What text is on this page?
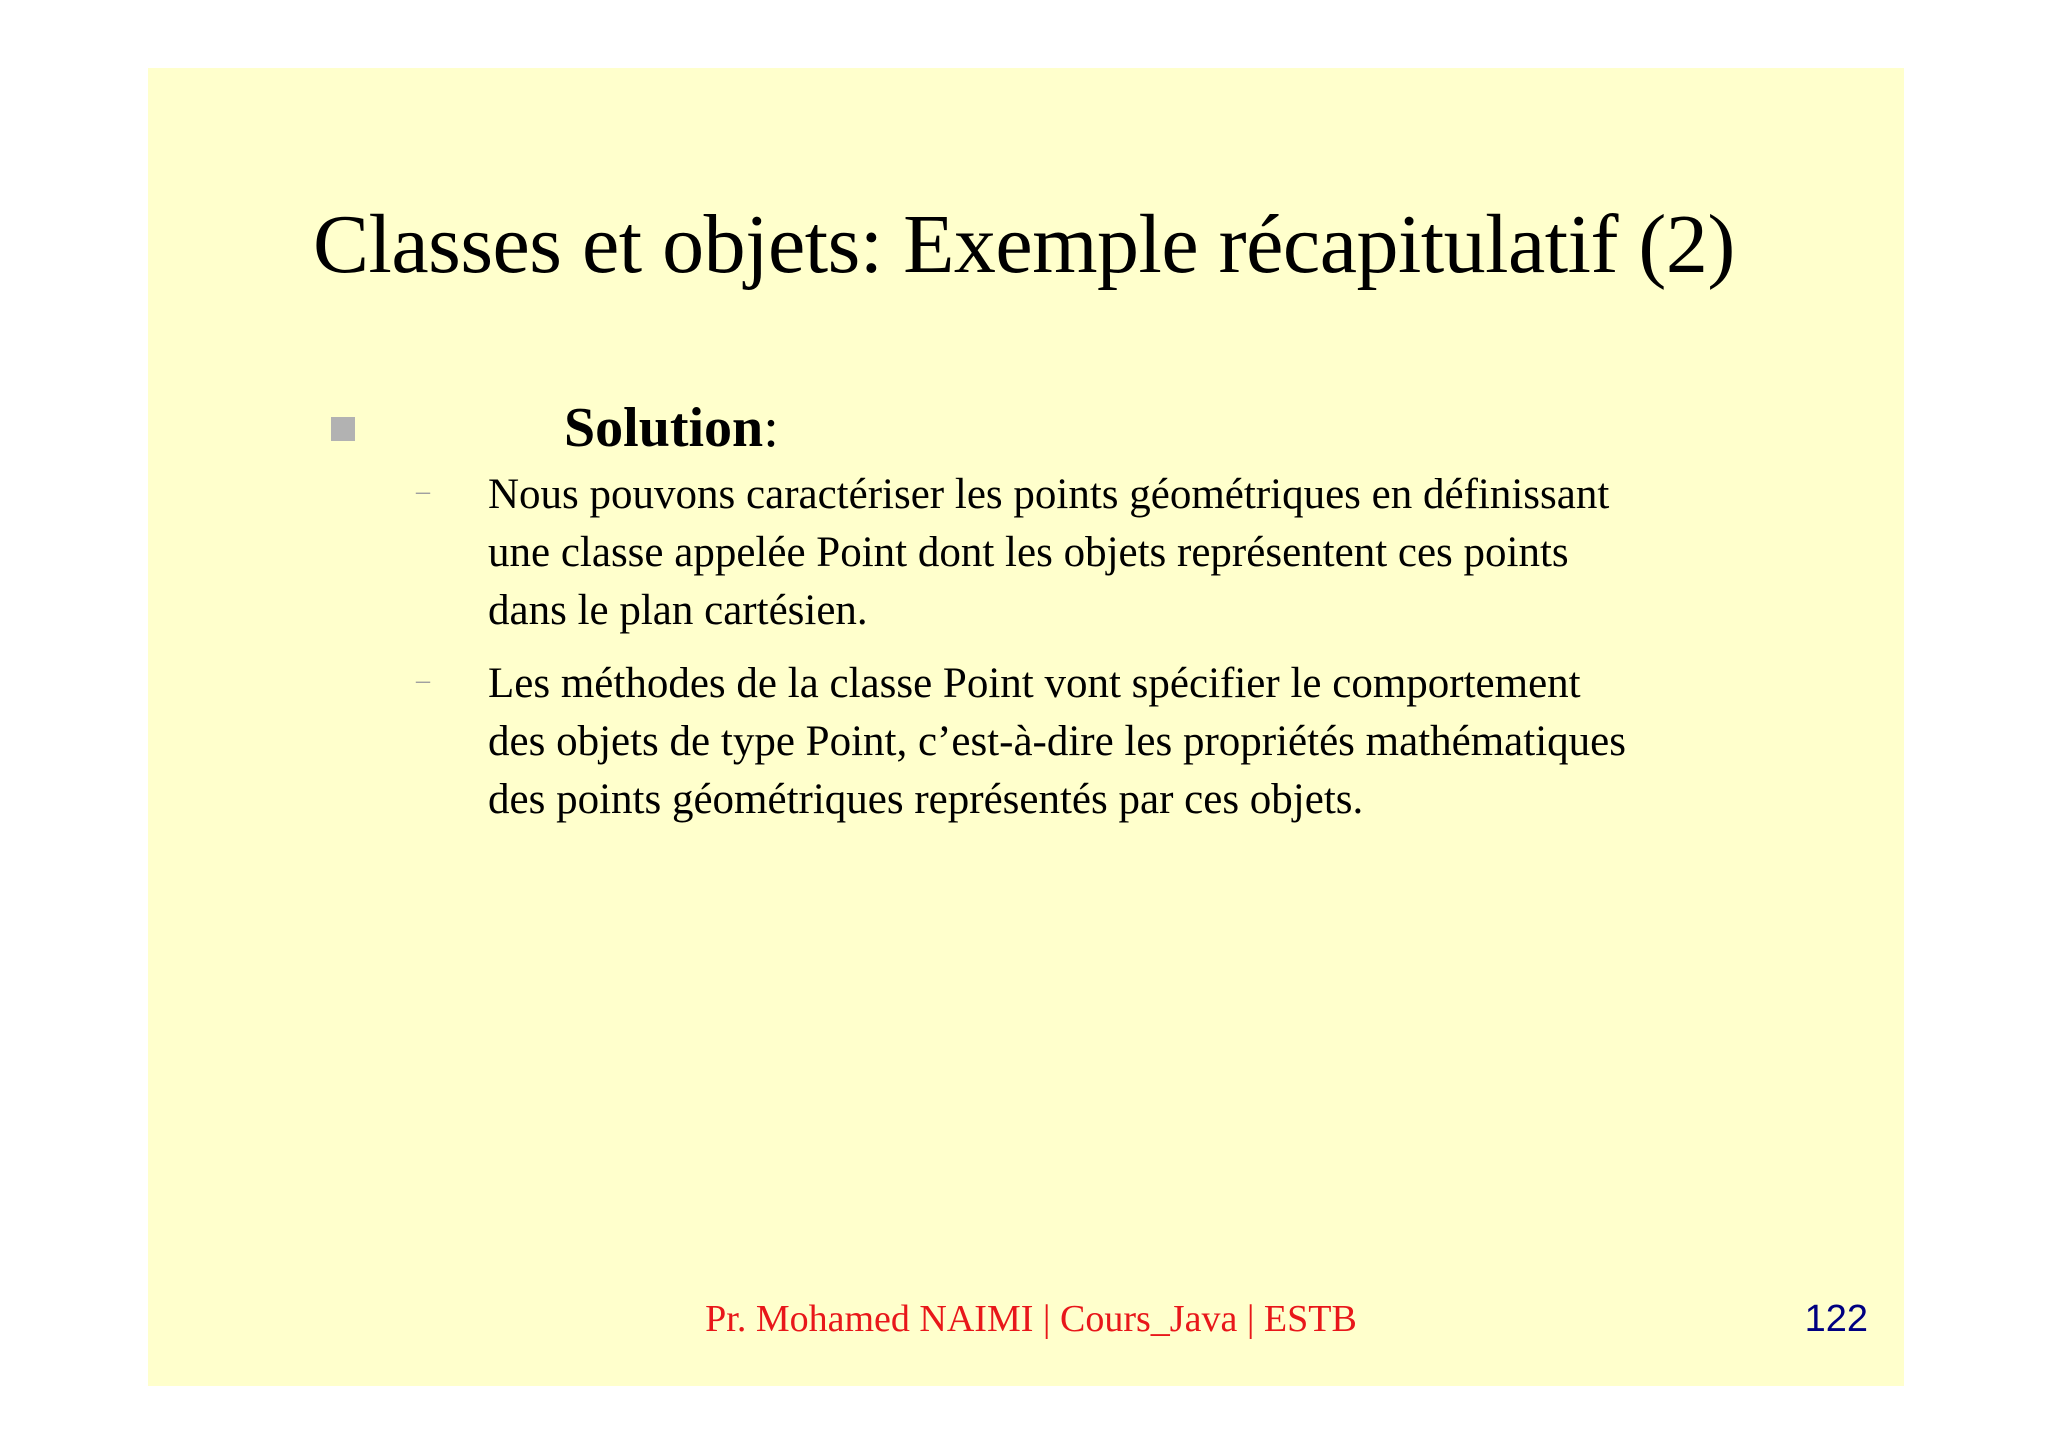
Classes et objets: Exemple récapitulatif (2)
Solution:
– Nous pouvons caractériser les points géométriques en définissant
une classe appelée Point dont les objets représentent ces points
dans le plan cartésien.
– Les méthodes de la classe Point vont spécifier le comportement
des objets de type Point, c’est-à-dire les propriétés mathématiques
des points géométriques représentés par ces objets.
Pr. Mohamed NAIMI | Cours_Java | ESTB	122
